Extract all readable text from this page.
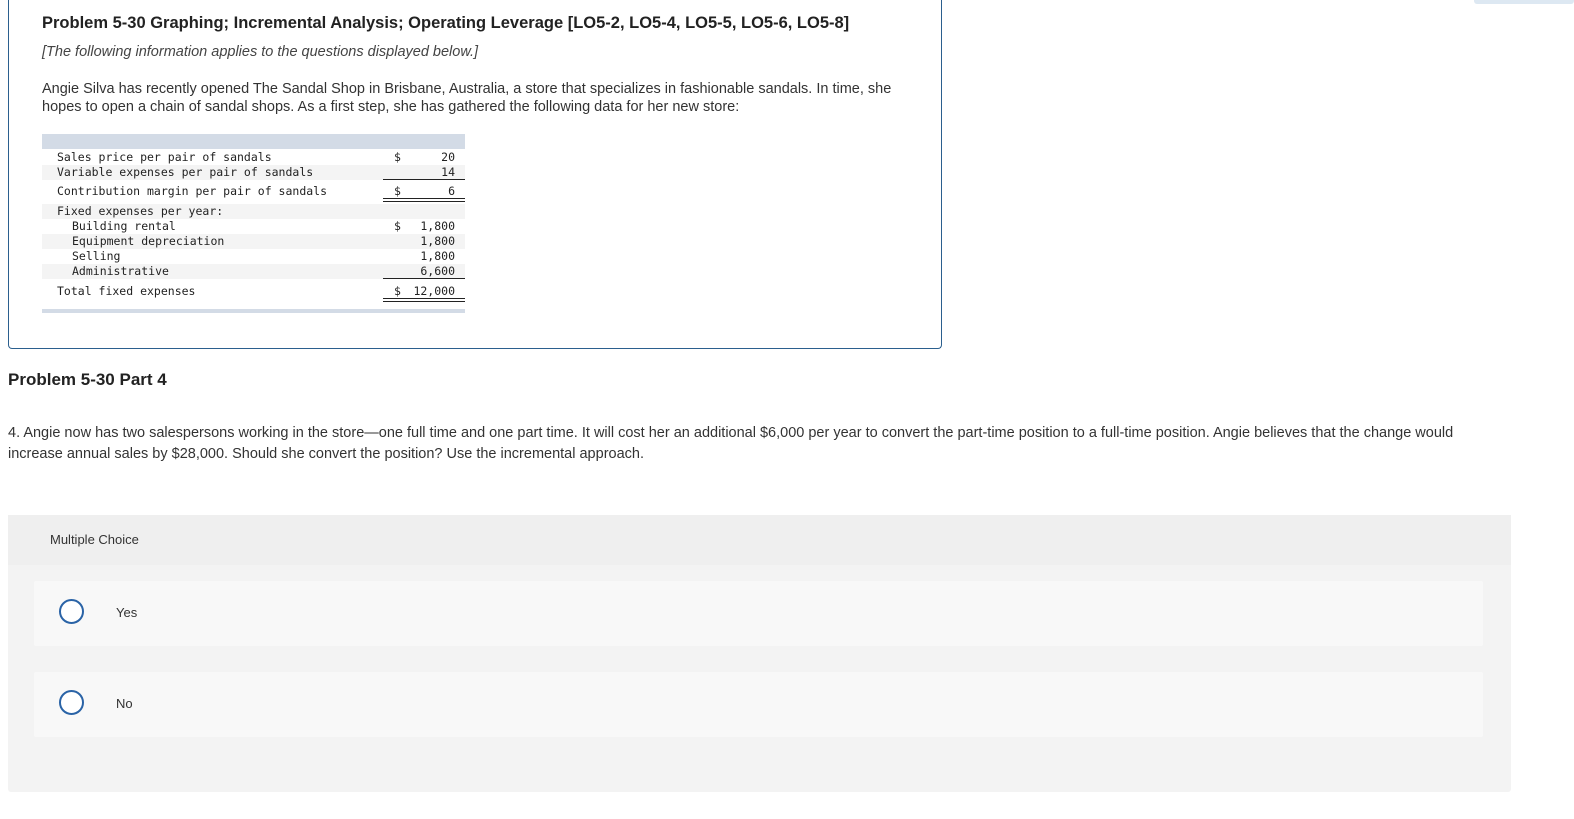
Problem 5-30 Graphing; Incremental Analysis; Operating Leverage [LO5-2, LO5-4, LO5-5, LO5-6, LO5-8]
[The following information applies to the questions displayed below.]
Angie Silva has recently opened The Sandal Shop in Brisbane, Australia, a store that specializes in fashionable sandals. In time, she hopes to open a chain of sandal shops. As a first step, she has gathered the following data for her new store:
Sales price per pair of sandals	$	20
Variable expenses per pair of sandals	14
Contribution margin per pair of sandals	$	6
Fixed expenses per year:
Building rental	$ 1,800
Equipment depreciation	1,800
Selling	1,800
Administrative	6,600
Total fixed expenses	$ 12,000
Problem 5-30 Part 4
4. Angie now has two salespersons working in the store—one full time and one part time. It will cost her an additional $6,000 per year to convert the part-time position to a full-time position. Angie believes that the change would increase annual sales by $28,000. Should she convert the position? Use the incremental approach.
Multiple Choice
Yes
No
